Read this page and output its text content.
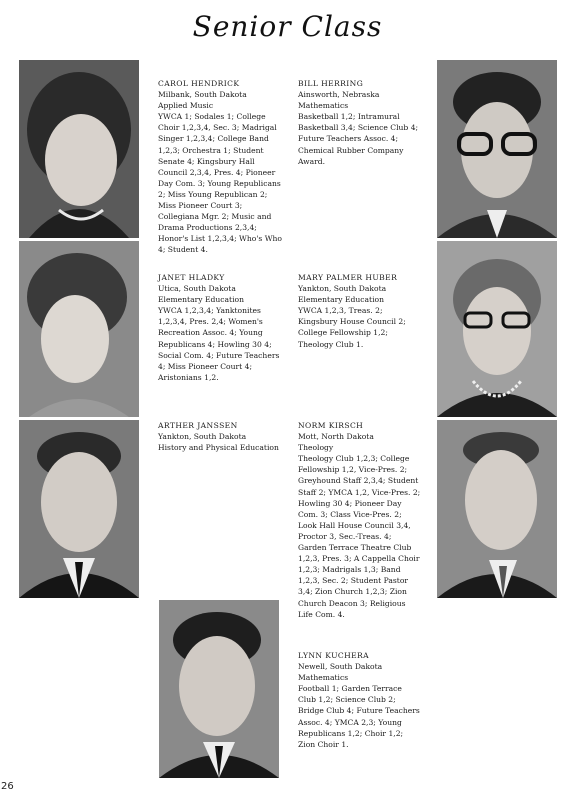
Senior Class
CAROL HENDRICK
Milbank, South Dakota
Applied Music
YWCA 1; Sodales 1; College Choir 1,2,3,4, Sec. 3; Madrigal Singer 1,2,3,4; College Band 1,2,3; Orchestra 1; Student Senate 4; Kingsbury Hall Council 2,3,4, Pres. 4; Pioneer Day Com. 3; Young Republicans 2; Miss Young Republican 2; Miss Pioneer Court 3; Collegiana Mgr. 2; Music and Drama Productions 2,3,4; Honor's List 1,2,3,4; Who's Who 4; Student 4.
BILL HERRING
Ainsworth, Nebraska
Mathematics
Basketball 1,2; Intramural Basketball 3,4; Science Club 4; Future Teachers Assoc. 4; Chemical Rubber Company Award.
JANET HLADKY
Utica, South Dakota
Elementary Education
YWCA 1,2,3,4; Yanktonites 1,2,3,4, Pres. 2,4; Women's Recreation Assoc. 4; Young Republicans 4; Howling 30 4; Social Com. 4; Future Teachers 4; Miss Pioneer Court 4; Aristonians 1,2.
MARY PALMER HUBER
Yankton, South Dakota
Elementary Education
YWCA 1,2,3, Treas. 2; Kingsbury House Council 2; College Fellowship 1,2; Theology Club 1.
ARTHER JANSSEN
Yankton, South Dakota
History and Physical Education
NORM KIRSCH
Mott, North Dakota
Theology
Theology Club 1,2,3; College Fellowship 1,2, Vice-Pres. 2; Greyhound Staff 2,3,4; Student Staff 2; YMCA 1,2, Vice-Pres. 2; Howling 30 4; Pioneer Day Com. 3; Class Vice-Pres. 2; Look Hall House Council 3,4, Proctor 3, Sec.-Treas. 4; Garden Terrace Theatre Club 1,2,3, Pres. 3; A Cappella Choir 1,2,3; Madrigals 1,3; Band 1,2,3, Sec. 2; Student Pastor 3,4; Zion Church 1,2,3; Zion Church Deacon 3; Religious Life Com. 4.
LYNN KUCHERA
Newell, South Dakota
Mathematics
Football 1; Garden Terrace Club 1,2; Science Club 2; Bridge Club 4; Future Teachers Assoc. 4; YMCA 2,3; Young Republicans 1,2; Choir 1,2; Zion Choir 1.
26
